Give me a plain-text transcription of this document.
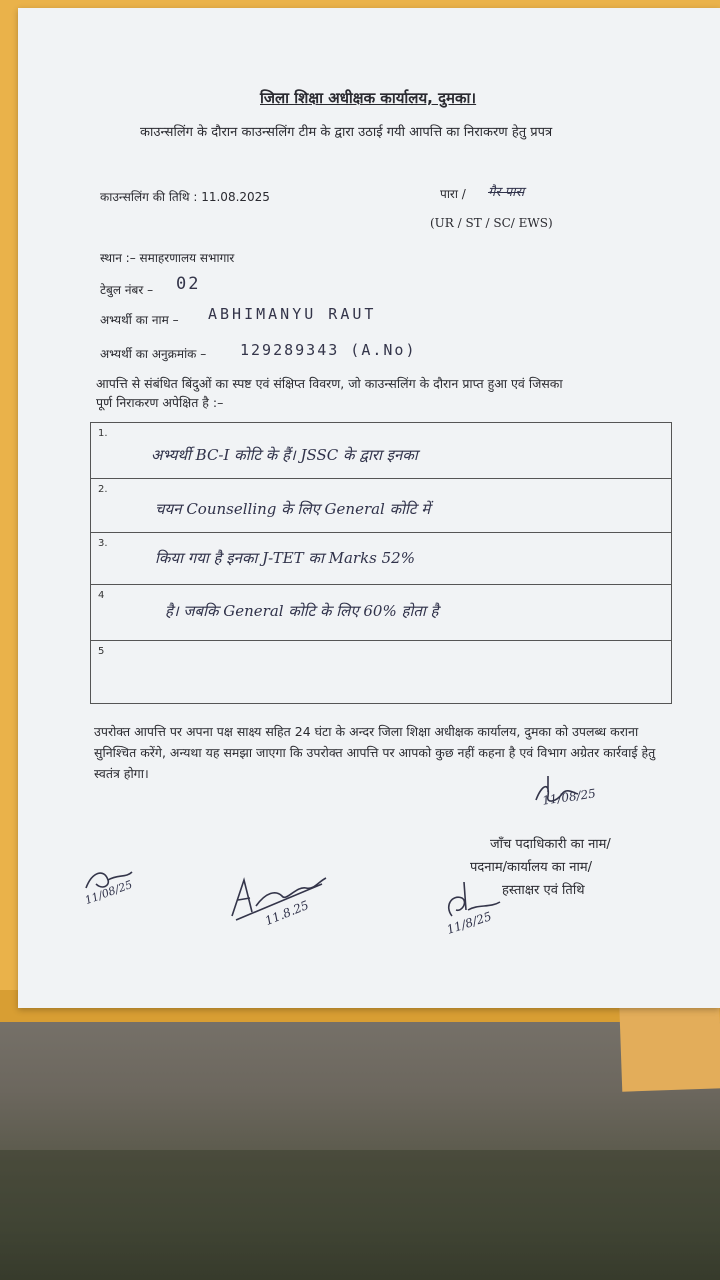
जिला शिक्षा अधीक्षक कार्यालय, दुमका।
काउन्सलिंग के दौरान काउन्सलिंग टीम के द्वारा उठाई गयी आपत्ति का निराकरण हेतु प्रपत्र
काउन्सलिंग की तिथि : 11.08.2025	पारा / गैर पारा
(UR / ST / SC/ EWS)
स्थान :– समाहरणालय सभागार
टेबुल नंबर – 02
अभ्यर्थी का नाम – ABHIMANYU RAUT
अभ्यर्थी का अनुक्रमांक – 129289343 (A.No)
आपत्ति से संबंधित बिंदुओं का स्पष्ट एवं संक्षिप्त विवरण, जो काउन्सलिंग के दौरान प्राप्त हुआ एवं जिसका
पूर्ण निराकरण अपेक्षित है :–
1.
अभ्यर्थी BC-I कोटि के हैं। JSSC के द्वारा इनका
2.
चयन Counselling के लिए General कोटि में
3.
किया गया है इनका J-TET का Marks 52%
4
है। जबकि General कोटि के लिए 60% होता है
5
उपरोक्त आपत्ति पर अपना पक्ष साक्ष्य सहित 24 घंटा के अन्दर जिला शिक्षा अधीक्षक कार्यालय, दुमका को उपलब्ध कराना सुनिश्चित करेंगे, अन्यथा यह समझा जाएगा कि उपरोक्त आपत्ति पर आपको कुछ नहीं कहना है एवं विभाग अग्रेतर कार्रवाई हेतु स्वतंत्र होगा।
11/08/25
जाँच पदाधिकारी का नाम/
पदनाम/कार्यालय का नाम/
हस्ताक्षर एवं तिथि
11/08/25
11.8.25	11/8/25
